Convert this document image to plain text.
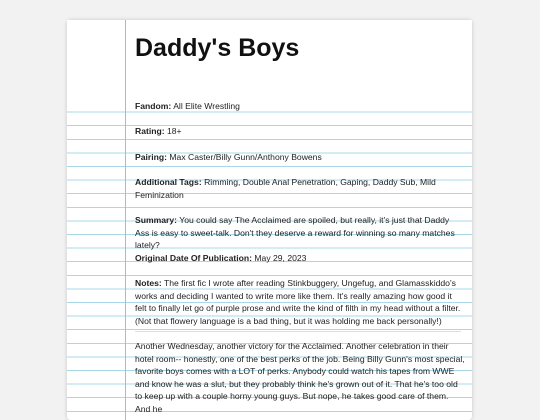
Daddy's Boys

Fandom: All Elite Wrestling

Rating: 18+

Pairing: Max Caster/Billy Gunn/Anthony Bowens

Additional Tags: Rimming, Double Anal Penetration, Gaping, Daddy Sub, Mild Feminization

Summary: You could say The Acclaimed are spoiled, but really, it's just that Daddy Ass is easy to sweet-talk. Don't they deserve a reward for winning so many matches lately?

Original Date Of Publication: May 29, 2023

Notes: The first fic I wrote after reading Stinkbuggery, Ungefug, and Glamasskiddo's works and deciding I wanted to write more like them. It's really amazing how good it felt to finally let go of purple prose and write the kind of filth in my head without a filter. (Not that flowery language is a bad thing, but it was holding me back personally!)

Another Wednesday, another victory for the Acclaimed. Another celebration in their hotel room-- honestly, one of the best perks of the job. Being Billy Gunn's most special, favorite boys comes with a LOT of perks. Anybody could watch his tapes from WWE and know he was a slut, but they probably think he's grown out of it. That he's too old to keep up with a couple horny young guys. But nope, he takes good care of them. And he
